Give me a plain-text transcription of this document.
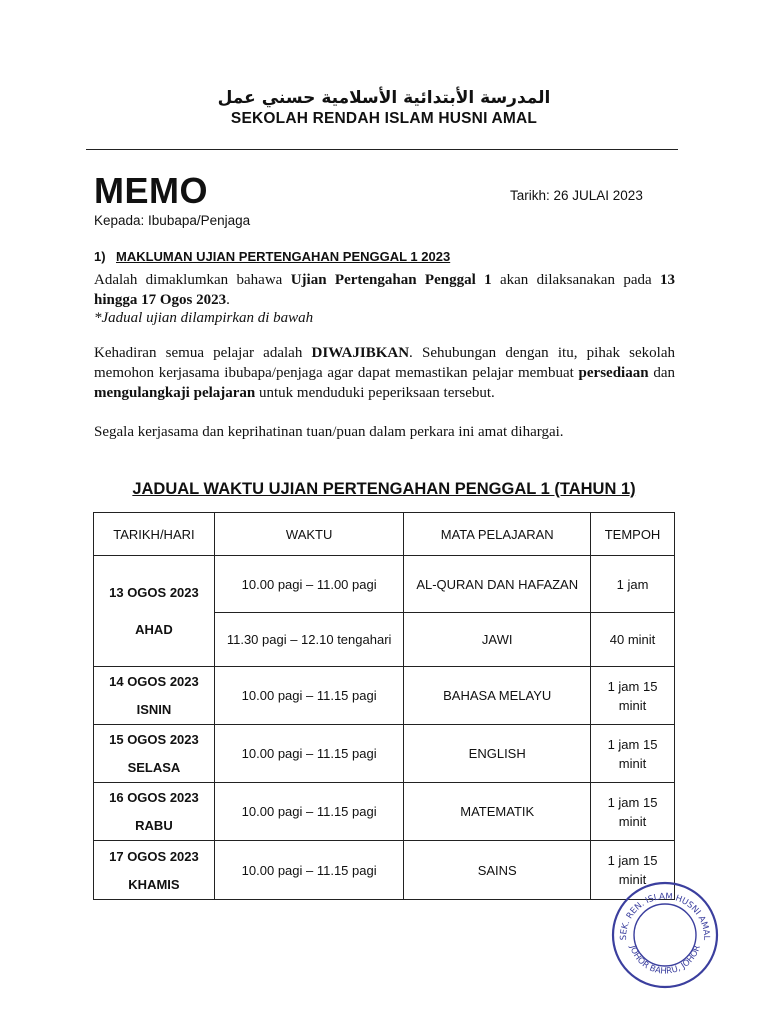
المدرسة الأبتدائية الأسلامية حسني عمل
SEKOLAH RENDAH ISLAM HUSNI AMAL
MEMO	Tarikh: 26 JULAI 2023
Kepada: Ibubapa/Penjaga
1) MAKLUMAN UJIAN PERTENGAHAN PENGGAL 1 2023
Adalah dimaklumkan bahawa Ujian Pertengahan Penggal 1 akan dilaksanakan pada 13 hingga 17 Ogos 2023.
*Jadual ujian dilampirkan di bawah
Kehadiran semua pelajar adalah DIWAJIBKAN. Sehubungan dengan itu, pihak sekolah memohon kerjasama ibubapa/penjaga agar dapat memastikan pelajar membuat persediaan dan mengulangkaji pelajaran untuk menduduki peperiksaan tersebut.
Segala kerjasama dan keprihatinan tuan/puan dalam perkara ini amat dihargai.
JADUAL WAKTU UJIAN PERTENGAHAN PENGGAL 1 (TAHUN 1)
TARIKH/HARI	WAKTU	MATA PELAJARAN	TEMPOH

13 OGOS 2023
AHAD	10.00 pagi – 11.00 pagi	AL-QURAN DAN HAFAZAN	1 jam
	11.30 pagi – 12.10 tengahari	JAWI	40 minit

14 OGOS 2023
ISNIN	10.00 pagi – 11.15 pagi	BAHASA MELAYU	1 jam 15 minit

15 OGOS 2023
SELASA	10.00 pagi – 11.15 pagi	ENGLISH	1 jam 15 minit

16 OGOS 2023
RABU	10.00 pagi – 11.15 pagi	MATEMATIK	1 jam 15 minit

17 OGOS 2023
KHAMIS	10.00 pagi – 11.15 pagi	SAINS	1 jam 15 minit
SEK. REN. ISLAM HUSNI AMAL
JOHOR BAHRU, JOHOR
